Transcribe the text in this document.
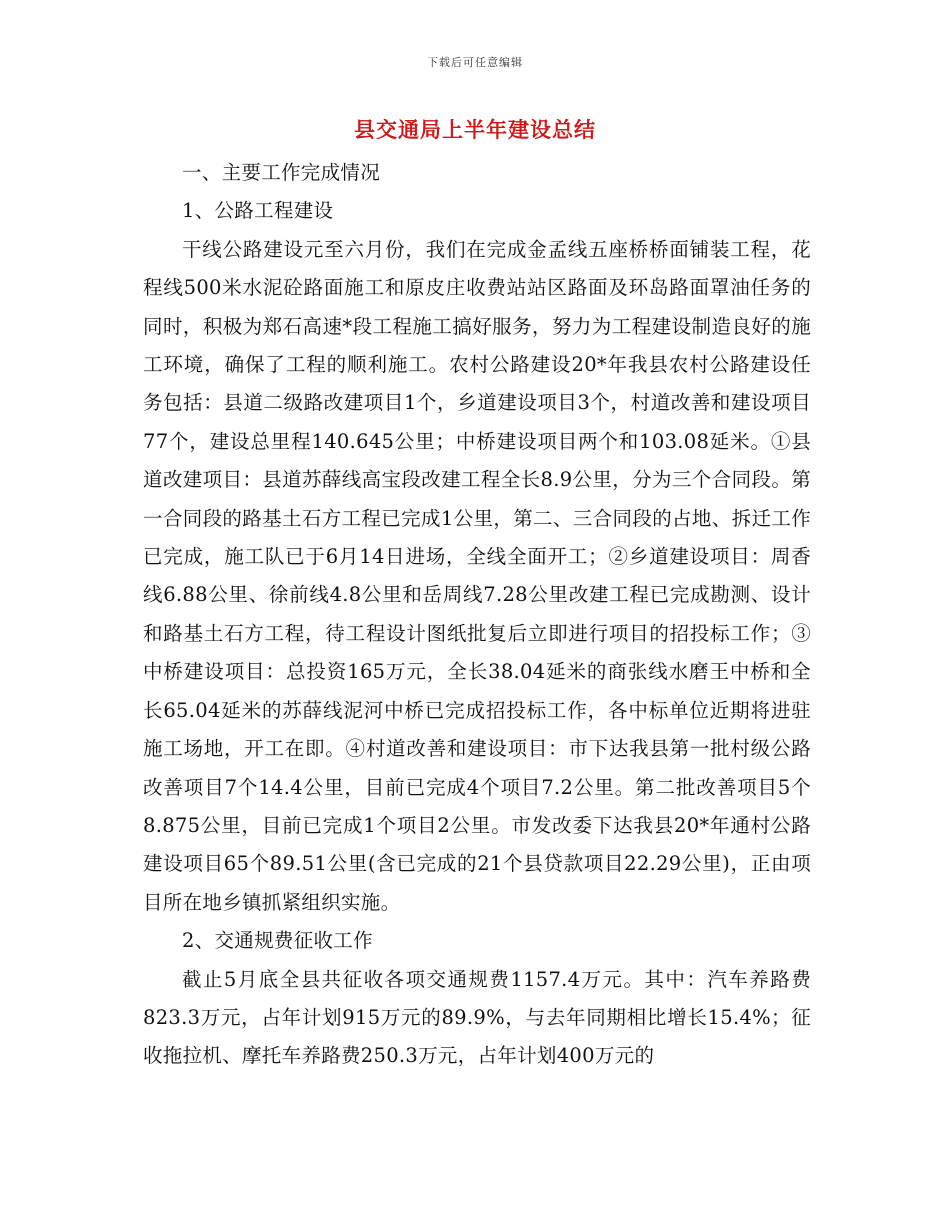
下载后可任意编辑
县交通局上半年建设总结

一、主要工作完成情况

1、公路工程建设

干线公路建设元至六月份，我们在完成金孟线五座桥桥面铺装工程，花程线500米水泥砼路面施工和原皮庄收费站站区路面及环岛路面罩油任务的同时，积极为郑石高速*段工程施工搞好服务，努力为工程建设制造良好的施工环境，确保了工程的顺利施工。农村公路建设20*年我县农村公路建设任务包括：县道二级路改建项目1个，乡道建设项目3个，村道改善和建设项目77个，建设总里程140.645公里；中桥建设项目两个和103.08延米。①县道改建项目：县道苏薛线高宝段改建工程全长8.9公里，分为三个合同段。第一合同段的路基土石方工程已完成1公里，第二、三合同段的占地、拆迁工作已完成，施工队已于6月14日进场，全线全面开工；②乡道建设项目：周香线6.88公里、徐前线4.8公里和岳周线7.28公里改建工程已完成勘测、设计和路基土石方工程，待工程设计图纸批复后立即进行项目的招投标工作；③中桥建设项目：总投资165万元，全长38.04延米的商张线水磨王中桥和全长65.04延米的苏薛线泥河中桥已完成招投标工作，各中标单位近期将进驻施工场地，开工在即。④村道改善和建设项目：市下达我县第一批村级公路改善项目7个14.4公里，目前已完成4个项目7.2公里。第二批改善项目5个8.875公里，目前已完成1个项目2公里。市发改委下达我县20*年通村公路建设项目65个89.51公里(含已完成的21个县贷款项目22.29公里)，正由项目所在地乡镇抓紧组织实施。

2、交通规费征收工作

截止5月底全县共征收各项交通规费1157.4万元。其中：汽车养路费823.3万元，占年计划915万元的89.9%，与去年同期相比增长15.4%；征收拖拉机、摩托车养路费250.3万元，占年计划400万元的
